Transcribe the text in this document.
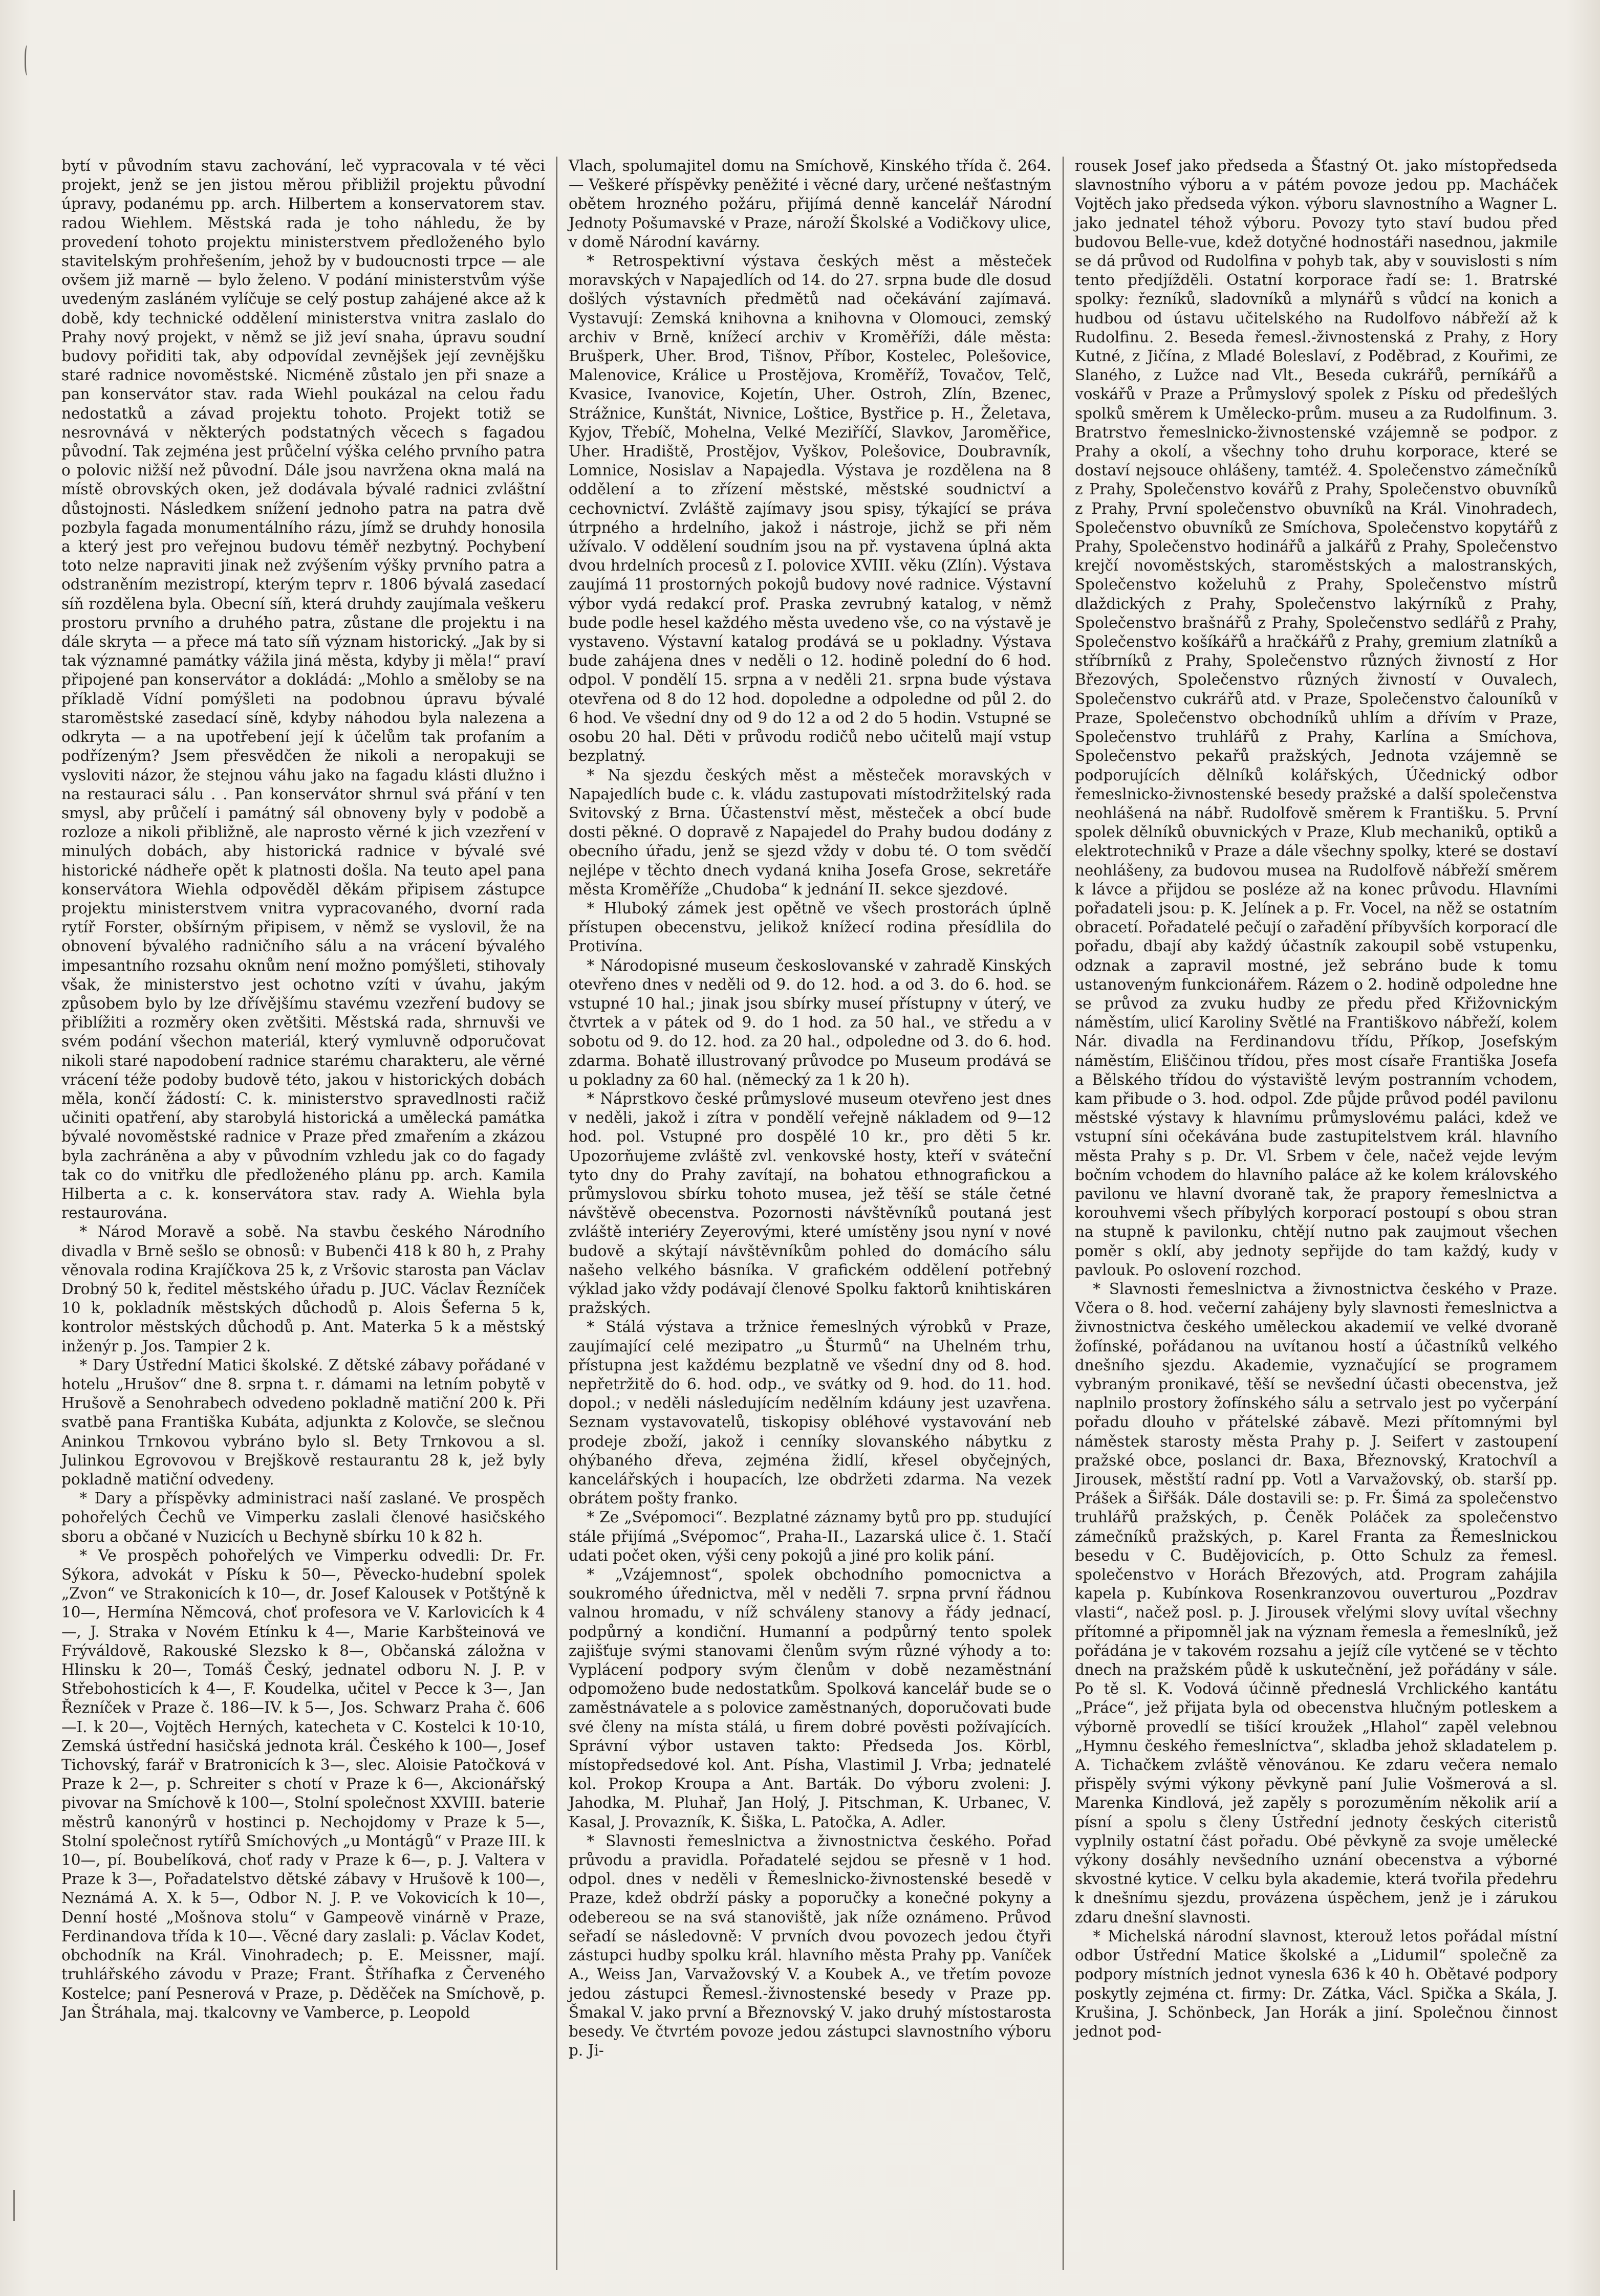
bytí v původním stavu zachování, leč vypracovala v té věci projekt, jenž se jen jistou měrou přibližil projektu původní úpravy, podanému pp. arch. Hilbertem a konservatorem stav. radou Wiehlem. Městská rada je toho náhledu, že by provedení tohoto projektu ministerstvem předloženého bylo stavitelským prohřešením, jehož by v budoucnosti trpce — ale ovšem již marně — bylo želeno. V podání ministerstvům výše uvedeným zasláném vylíčuje se celý postup zahájené akce až k době, kdy technické oddělení ministerstva vnitra zaslalo do Prahy nový projekt, v němž se již jeví snaha, úpravu soudní budovy pořiditi tak, aby odpovídal zevnějšek její zevnějšku staré radnice novoměstské. Nicméně zůstalo jen při snaze a pan konservátor stav. rada Wiehl poukázal na celou řadu nedostatků a závad projektu tohoto. Projekt totiž se nesrovnává v některých podstatných věcech s fagadou původní. Tak zejména jest průčelní výška celého prvního patra o polovic nižší než původní. Dále jsou navržena okna malá na místě obrovských oken, jež dodávala bývalé radnici zvláštní důstojnosti. Následkem snížení jednoho patra na patra dvě pozbyla fagada monumentálního rázu, jímž se druhdy honosila a který jest pro veřejnou budovu téměř nezbytný. Pochybení toto nelze napraviti jinak než zvýšením výšky prvního patra a odstraněním mezistropí, kterým teprv r. 1806 bývalá zasedací síň rozdělena byla. Obecní síň, která druhdy zaujímala veškeru prostoru prvního a druhého patra, zůstane dle projektu i na dále skryta — a přece má tato síň význam historický. „Jak by si tak významné památky vážila jiná města, kdyby ji měla!“ praví připojené pan konservátor a dokládá: „Mohlo a směloby se na příkladě Vídní pomýšleti na podobnou úpravu bývalé staroměstské zasedací síně, kdyby náhodou byla nalezena a odkryta — a na upotřebení její k účelům tak profaním a podřízeným? Jsem přesvědčen že nikoli a neropakuji se vysloviti názor, že stejnou váhu jako na fagadu klásti dlužno i na restauraci sálu . . Pan konservátor shrnul svá přání v ten smysl, aby průčelí i památný sál obnoveny byly v podobě a rozloze a nikoli přibližně, ale naprosto věrné k jich vzezření v minulých dobách, aby historická radnice v bývalé své historické nádheře opět k platnosti došla. Na teuto apel pana konservátora Wiehla odpověděl děkám připisem zástupce projektu ministerstvem vnitra vypracovaného, dvorní rada rytíř Forster, obšírným připisem, v němž se vyslovil, že na obnovení bývalého radničního sálu a na vrácení bývalého impesantního rozsahu oknům není možno pomýšleti, stihovaly však, že ministerstvo jest ochotno vzíti v úvahu, jakým způsobem bylo by lze dřívějšímu stavému vzezření budovy se přiblížiti a rozměry oken zvětšiti. Městská rada, shrnuvši ve svém podání všechon materiál, který vymluvně odporučovat nikoli staré napodobení radnice starému charakteru, ale věrné vrácení téže podoby budově této, jakou v historických dobách měla, končí žádostí: C. k. ministerstvo spravedlnosti račiž učiniti opatření, aby starobylá historická a umělecká památka bývalé novoměstské radnice v Praze před zmařením a zkázou byla zachráněna a aby v původním vzhledu jak co do fagady tak co do vnitřku dle předloženého plánu pp. arch. Kamila Hilberta a c. k. konservátora stav. rady A. Wiehla byla restaurována.

* Národ Moravě a sobě. Na stavbu českého Národního divadla v Brně sešlo se obnosů: v Bubenči 418 k 80 h, z Prahy věnovala rodina Krajíčkova 25 k, z Vršovic starosta pan Václav Drobný 50 k, ředitel městského úřadu p. JUC. Václav Řezníček 10 k, pokladník městských důchodů p. Alois Šeferna 5 k, kontrolor městských důchodů p. Ant. Materka 5 k a městský inženýr p. Jos. Tampier 2 k.

* Dary Ústřední Matici školské. Z dětské zábavy pořádané v hotelu „Hrušov“ dne 8. srpna t. r. dámami na letním pobytě v Hrušově a Senohrabech odvedeno pokladně matiční 200 k. Při svatbě pana Františka Kubáta, adjunkta z Kolovče, se slečnou Aninkou Trnkovou vybráno bylo sl. Bety Trnkovou a sl. Julinkou Egrovovou v Brejškově restaurantu 28 k, jež byly pokladně matiční odvedeny.

* Dary a příspěvky administraci naší zaslané. Ve prospěch pohořelých Čechů ve Vimperku zaslali členové hasičského sboru a občané v Nuzicích u Bechyně sbírku 10 k 82 h.

* Ve prospěch pohořelých ve Vimperku odvedli: Dr. Fr. Sýkora, advokát v Písku k 50—, Pěvecko-hudební spolek „Zvon“ ve Strakonicích k 10—, dr. Josef Kalousek v Potštýně k 10—, Hermína Němcová, choť profesora ve V. Karlovicích k 4—, J. Straka v Novém Etínku k 4—, Marie Karbšteinová ve Frýváldově, Rakouské Slezsko k 8—, Občanská záložna v Hlinsku k 20—, Tomáš Český, jednatel odboru N. J. P. v Střebohosticích k 4—, F. Koudelka, učitel v Pecce k 3—, Jan Řezníček v Praze č. 186—IV. k 5—, Jos. Schwarz Praha č. 606—I. k 20—, Vojtěch Herných, katecheta v C. Kostelci k 10·10, Zemská ústřední hasičská jednota král. Českého k 100—, Josef Tichovský, farář v Bratronicích k 3—, slec. Aloisie Patočková v Praze k 2—, p. Schreiter s chotí v Praze k 6—, Akcionářský pivovar na Smíchově k 100—, Stolní společnost XXVIII. baterie městrů kanonýrů v hostinci p. Nechojdomy v Praze k 5—, Stolní společnost rytířů Smíchových „u Montágů“ v Praze III. k 10—, pí. Boubelíková, choť rady v Praze k 6—, p. J. Valtera v Praze k 3—, Pořadatelstvo dětské zábavy v Hrušově k 100—, Neznámá A. X. k 5—, Odbor N. J. P. ve Vokovicích k 10—, Denní hosté „Mošnova stolu“ v Gampeově vinárně v Praze, Ferdinandova třída k 10—. Věcné dary zaslali: p. Václav Kodet, obchodník na Král. Vinohradech; p. E. Meissner, mají. truhlářského závodu v Praze; Frant. Štříhafka z Červeného Kostelce; paní Pesnerová v Praze, p. Děděček na Smíchově, p. Jan Štráhala, maj. tkalcovny ve Vamberce, p. Leopold

Vlach, spolumajitel domu na Smíchově, Kinského třída č. 264. — Veškeré příspěvky peněžité i věcné dary, určené nešťastným obětem hrozného požáru, přijímá denně kancelář Národní Jednoty Pošumavské v Praze, nároží Školské a Vodičkovy ulice, v domě Národní kavárny.

* Retrospektivní výstava českých měst a městeček moravských v Napajedlích od 14. do 27. srpna bude dle dosud došlých výstavních předmětů nad očekávání zajímavá. Vystavují: Zemská knihovna a knihovna v Olomouci, zemský archiv v Brně, knížecí archiv v Kroměříži, dále města: Brušperk, Uher. Brod, Tišnov, Příbor, Kostelec, Polešovice, Malenovice, Králice u Prostějova, Kroměříž, Tovačov, Telč, Kvasice, Ivanovice, Kojetín, Uher. Ostroh, Zlín, Bzenec, Strážnice, Kunštát, Nivnice, Loštice, Bystřice p. H., Želetava, Kyjov, Třebíč, Mohelna, Velké Meziříčí, Slavkov, Jaroměřice, Uher. Hradiště, Prostějov, Vyškov, Polešovice, Doubravník, Lomnice, Nosislav a Napajedla. Výstava je rozdělena na 8 oddělení a to zřízení městské, městské soudnictví a cechovnictví. Zvláště zajímavy jsou spisy, týkající se práva útrpného a hrdelního, jakož i nástroje, jichž se při něm užívalo. V oddělení soudním jsou na př. vystavena úplná akta dvou hrdelních procesů z I. polovice XVIII. věku (Zlín). Výstava zaujímá 11 prostorných pokojů budovy nové radnice. Výstavní výbor vydá redakcí prof. Praska zevrubný katalog, v němž bude podle hesel každého města uvedeno vše, co na výstavě je vystaveno. Výstavní katalog prodává se u pokladny. Výstava bude zahájena dnes v neděli o 12. hodině polední do 6 hod. odpol. V pondělí 15. srpna a v neděli 21. srpna bude výstava otevřena od 8 do 12 hod. dopoledne a odpoledne od půl 2. do 6 hod. Ve všední dny od 9 do 12 a od 2 do 5 hodin. Vstupné se osobu 20 hal. Děti v průvodu rodičů nebo učitelů mají vstup bezplatný.

* Na sjezdu českých měst a městeček moravských v Napajedlích bude c. k. vládu zastupovati místodržitelský rada Svitovský z Brna. Účastenství měst, městeček a obcí bude dosti pěkné. O dopravě z Napajedel do Prahy budou dodány z obecního úřadu, jenž se sjezd vždy v dobu té. O tom svědčí nejlépe v těchto dnech vydaná kniha Josefa Grose, sekretáře města Kroměříže „Chudoba“ k jednání II. sekce sjezdové.

* Hluboký zámek jest opětně ve všech prostorách úplně přístupen obecenstvu, jelikož knížecí rodina přesídlila do Protivína.

* Národopisné museum českoslovanské v zahradě Kinských otevřeno dnes v neděli od 9. do 12. hod. a od 3. do 6. hod. se vstupné 10 hal.; jinak jsou sbírky museí přístupny v úterý, ve čtvrtek a v pátek od 9. do 1 hod. za 50 hal., ve středu a v sobotu od 9. do 12. hod. za 20 hal., odpoledne od 3. do 6. hod. zdarma. Bohatě illustrovaný průvodce po Museum prodává se u pokladny za 60 hal. (německý za 1 k 20 h).

* Náprstkovo české průmyslové museum otevřeno jest dnes v neděli, jakož i zítra v pondělí veřejně nákladem od 9—12 hod. pol. Vstupné pro dospělé 10 kr., pro děti 5 kr. Upozorňujeme zvláště zvl. venkovské hosty, kteří v sváteční tyto dny do Prahy zavítají, na bohatou ethnografickou a průmyslovou sbírku tohoto musea, jež těší se stále četné návštěvě obecenstva. Pozornosti návštěvníků poutaná jest zvláště interiéry Zeyerovými, které umístěny jsou nyní v nové budově a skýtají návštěvníkům pohled do domácího sálu našeho velkého básníka. V grafickém oddělení potřebný výklad jako vždy podávají členové Spolku faktorů knihtiskáren pražských.

* Stálá výstava a tržnice řemeslných výrobků v Praze, zaujímající celé mezipatro „u Šturmů“ na Uhelném trhu, přístupna jest každému bezplatně ve všední dny od 8. hod. nepřetržitě do 6. hod. odp., ve svátky od 9. hod. do 11. hod. dopol.; v neděli následujícím nedělním kdáuny jest uzavřena. Seznam vystavovatelů, tiskopisy obléhové vystavování neb prodeje zboží, jakož i cenníky slovanského nábytku z ohýbaného dřeva, zejména židlí, křesel obyčejných, kancelářských i houpacích, lze obdržeti zdarma. Na vezek obrátem pošty franko.

* Ze „Svépomoci“. Bezplatné záznamy bytů pro pp. studující stále přijímá „Svépomoc“, Praha-II., Lazarská ulice č. 1. Stačí udati počet oken, výši ceny pokojů a jiné pro kolik pání.

* „Vzájemnost“, spolek obchodního pomocnictva a soukromého úřednictva, měl v neděli 7. srpna první řádnou valnou hromadu, v níž schváleny stanovy a řády jednací, podpůrný a kondiční. Humanní a podpůrný tento spolek zajišťuje svými stanovami členům svým různé výhody a to: Vyplácení podpory svým členům v době nezaměstnání odpomoženo bude nedostatkům. Spolková kancelář bude se o zaměstnávatele a s polovice zaměstnaných, doporučovati bude své členy na místa stálá, u firem dobré pověsti požívajících. Správní výbor ustaven takto: Předseda Jos. Körbl, místopředsedové kol. Ant. Písha, Vlastimil J. Vrba; jednatelé kol. Prokop Kroupa a Ant. Barták. Do výboru zvoleni: J. Jahodka, M. Pluhař, Jan Holý, J. Pitschman, K. Urbanec, V. Kasal, J. Provazník, K. Šiška, L. Patočka, A. Adler.

* Slavnosti řemeslnictva a živnostnictva českého. Pořad průvodu a pravidla. Pořadatelé sejdou se přesně v 1 hod. odpol. dnes v neděli v Řemeslnicko-živnostenské besedě v Praze, kdež obdrží pásky a poporučky a konečné pokyny a odebereou se na svá stanoviště, jak níže oznámeno. Průvod seřadí se následovně: V prvních dvou povozech jedou čtyři zástupci hudby spolku král. hlavního města Prahy pp. Vaníček A., Weiss Jan, Varvažovský V. a Koubek A., ve třetím povoze jedou zástupci Řemesl.-živnostenské besedy v Praze pp. Šmakal V. jako první a Březnovský V. jako druhý místostarosta besedy. Ve čtvrtém povoze jedou zástupci slavnostního výboru p. Ji-

rousek Josef jako předseda a Šťastný Ot. jako místopředseda slavnostního výboru a v pátém povoze jedou pp. Macháček Vojtěch jako předseda výkon. výboru slavnostního a Wagner L. jako jednatel téhož výboru. Povozy tyto staví budou před budovou Belle-vue, kdež dotyčné hodnostáři nasednou, jakmile se dá průvod od Rudolfina v pohyb tak, aby v souvislosti s ním tento předjížděli. Ostatní korporace řadí se: 1. Bratrské spolky: řezníků, sladovníků a mlynářů s vůdcí na konich a hudbou od ústavu učitelského na Rudolfovo nábřeží až k Rudolfinu. 2. Beseda řemesl.-živnostenská z Prahy, z Hory Kutné, z Jičína, z Mladé Boleslaví, z Poděbrad, z Kouřimi, ze Slaného, z Lužce nad Vlt., Beseda cukrářů, perníkářů a voskářů v Praze a Průmyslový spolek z Písku od předešlých spolků směrem k Umělecko-prům. museu a za Rudolfinum. 3. Bratrstvo řemeslnicko-živnostenské vzájemně se podpor. z Prahy a okolí, a všechny toho druhu korporace, které se dostaví nejsouce ohlášeny, tamtéž. 4. Společenstvo zámečníků z Prahy, Společenstvo kovářů z Prahy, Společenstvo obuvníků z Prahy, První společenstvo obuvníků na Král. Vinohradech, Společenstvo obuvníků ze Smíchova, Společenstvo kopytářů z Prahy, Společenstvo hodinářů a jalkářů z Prahy, Společenstvo krejčí novoměstských, staroměstských a malostranských, Společenstvo koželuhů z Prahy, Společenstvo místrů dlaždických z Prahy, Společenstvo lakýrníků z Prahy, Společenstvo brašnářů z Prahy, Společenstvo sedlářů z Prahy, Společenstvo košíkářů a hračkářů z Prahy, gremium zlatníků a stříbrníků z Prahy, Společenstvo různých živností z Hor Březových, Společenstvo různých živností v Ouvalech, Společenstvo cukrářů atd. v Praze, Společenstvo čalouníků v Praze, Společenstvo obchodníků uhlím a dřívím v Praze, Společenstvo truhlářů z Prahy, Karlína a Smíchova, Společenstvo pekařů pražských, Jednota vzájemně se podporujících dělníků kolářských, Účednický odbor řemeslnicko-živnostenské besedy pražské a další společenstva neohlášená na nábř. Rudolfově směrem k Františku. 5. První spolek dělníků obuvnických v Praze, Klub mechaniků, optiků a elektrotechniků v Praze a dále všechny spolky, které se dostaví neohlášeny, za budovou musea na Rudolfově nábřeží směrem k lávce a přijdou se posléze až na konec průvodu. Hlavními pořadateli jsou: p. K. Jelínek a p. Fr. Vocel, na něž se ostatním obracetí. Pořadatelé pečují o zařadění příbyvších korporací dle pořadu, dbají aby každý účastník zakoupil sobě vstupenku, odznak a zapravil mostné, jež sebráno bude k tomu ustanoveným funkcionářem. Rázem o 2. hodině odpoledne hne se průvod za zvuku hudby ze předu před Křižovnickým náměstím, ulicí Karoliny Světlé na Františkovo nábřeží, kolem Nár. divadla na Ferdinandovu třídu, Příkop, Josefským náměstím, Eliščinou třídou, přes most císaře Františka Josefa a Bělského třídou do výstaviště levým postranním vchodem, kam přibude o 3. hod. odpol. Zde půjde průvod podél pavilonu městské výstavy k hlavnímu průmyslovému paláci, kdež ve vstupní síni očekávána bude zastupitelstvem král. hlavního města Prahy s p. Dr. Vl. Srbem v čele, načež vejde levým bočním vchodem do hlavního paláce až ke kolem královského pavilonu ve hlavní dvoraně tak, že prapory řemeslnictva a korouhvemi všech příbylých korporací postoupí s obou stran na stupně k pavilonku, chtějí nutno pak zaujmout všechen poměr s oklí, aby jednoty sepřijde do tam každý, kudy v pavlouk. Po oslovení rozchod.

* Slavnosti řemeslnictva a živnostnictva českého v Praze. Včera o 8. hod. večerní zahájeny byly slavnosti řemeslnictva a živnostnictva českého uměleckou akademií ve velké dvoraně žofínské, pořádanou na uvítanou hostí a účastníků velkého dnešního sjezdu. Akademie, vyznačující se programem vybraným pronikavé, těší se nevšední účasti obecenstva, jež naplnilo prostory žofínského sálu a setrvalo jest po vyčerpání pořadu dlouho v přátelské zábavě. Mezi přítomnými byl náměstek starosty města Prahy p. J. Seifert v zastoupení pražské obce, poslanci dr. Baxa, Březnovský, Kratochvíl a Jirousek, městští radní pp. Votl a Varvažovský, ob. starší pp. Prášek a Šiřšák. Dále dostavili se: p. Fr. Šimá za společenstvo truhlářů pražských, p. Čeněk Poláček za společenstvo zámečníků pražských, p. Karel Franta za Řemeslnickou besedu v C. Budějovicích, p. Otto Schulz za řemesl. společenstvo v Horách Březových, atd. Program zahájila kapela p. Kubínkova Rosenkranzovou ouverturou „Pozdrav vlasti“, načež posl. p. J. Jirousek vřelými slovy uvítal všechny přítomné a připomněl jak na význam řemesla a řemeslníků, jež pořádána je v takovém rozsahu a jejíž cíle vytčené se v těchto dnech na pražském půdě k uskutečnění, jež pořádány v sále. Po tě sl. K. Vodová účinně předneslá Vrchlického kantátu „Práce“, jež přijata byla od obecenstva hlučným potleskem a výborně provedlí se tišící kroužek „Hlahol“ zapěl velebnou „Hymnu českého řemeslníctva“, skladba jehož skladatelem p. A. Tichačkem zvláště věnovánou. Ke zdaru večera nemalo přispěly svými výkony pěvkyně paní Julie Vošmerová a sl. Marenka Kindlová, jež zapěly s porozuměním několik arií a písní a spolu s členy Ústřední jednoty českých citeristů vyplnily ostatní část pořadu. Obé pěvkyně za svoje umělecké výkony dosáhly nevšedního uznání obecenstva a výborné skvostné kytice. V celku byla akademie, která tvořila předehru k dnešnímu sjezdu, provázena úspěchem, jenž je i zárukou zdaru dnešní slavnosti.

* Michelská národní slavnost, kterouž letos pořádal místní odbor Ústřední Matice školské a „Lidumil“ společně za podpory místních jednot vynesla 636 k 40 h. Obětavé podpory poskytly zejména ct. firmy: Dr. Zátka, Václ. Spička a Skála, J. Krušina, J. Schönbeck, Jan Horák a jiní. Společnou činnost jednot pod-
